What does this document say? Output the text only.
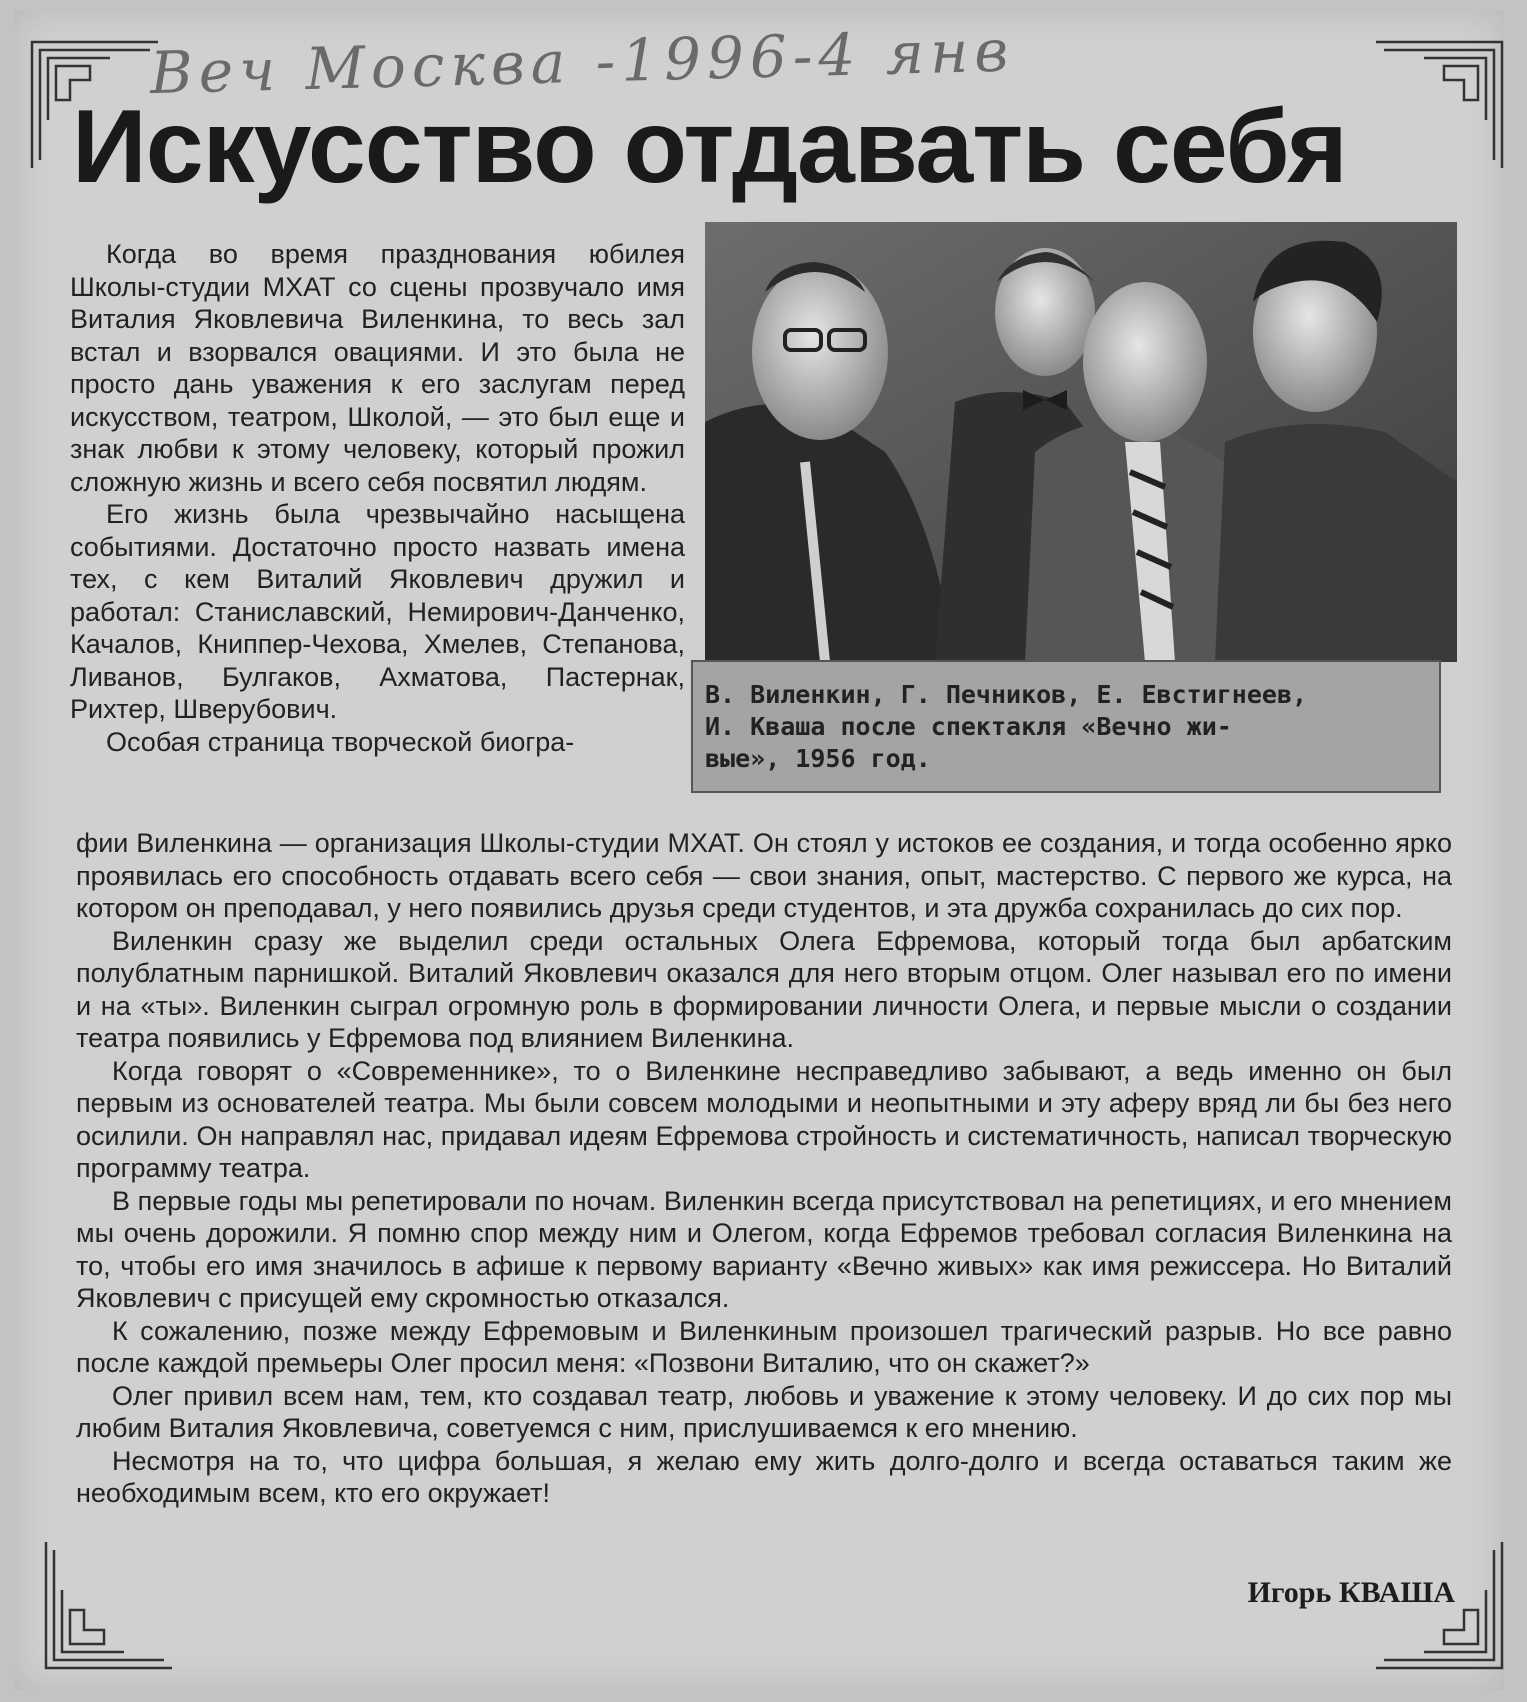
Веч Москва -1996-4 янв
Искусство отдавать себя
В. Виленкин, Г. Печников, Е. Евстигнеев,
И. Кваша после спектакля «Вечно жи-
вые», 1956 год.

Когда во время празднования юбилея Школы-студии МХАТ со сцены прозвучало имя Виталия Яковлевича Виленкина, то весь зал встал и взорвался овациями. И это была не просто дань уважения к его заслугам перед искусством, театром, Школой, — это был еще и знак любви к этому человеку, который прожил сложную жизнь и всего себя посвятил людям.

Его жизнь была чрезвычайно насыщена событиями. Достаточно просто назвать имена тех, с кем Виталий Яковлевич дружил и работал: Станиславский, Немирович-Данченко, Качалов, Книппер-Чехова, Хмелев, Степанова, Ливанов, Булгаков, Ахматова, Пастернак, Рихтер, Шверубович.

Особая страница творческой биогра-

фии Виленкина — организация Школы-студии МХАТ. Он стоял у истоков ее создания, и тогда особенно ярко проявилась его способность отдавать всего себя — свои знания, опыт, мастерство. С первого же курса, на котором он преподавал, у него появились друзья среди студентов, и эта дружба сохранилась до сих пор.

Виленкин сразу же выделил среди остальных Олега Ефремова, который тогда был арбатским полублатным парнишкой. Виталий Яковлевич оказался для него вторым отцом. Олег называл его по имени и на «ты». Виленкин сыграл огромную роль в формировании личности Олега, и первые мысли о создании театра появились у Ефремова под влиянием Виленкина.

Когда говорят о «Современнике», то о Виленкине несправедливо забывают, а ведь именно он был первым из основателей театра. Мы были совсем молодыми и неопытными и эту аферу вряд ли бы без него осилили. Он направлял нас, придавал идеям Ефремова стройность и систематичность, написал творческую программу театра.

В первые годы мы репетировали по ночам. Виленкин всегда присутствовал на репетициях, и его мнением мы очень дорожили. Я помню спор между ним и Олегом, когда Ефремов требовал согласия Виленкина на то, чтобы его имя значилось в афише к первому варианту «Вечно живых» как имя режиссера. Но Виталий Яковлевич с присущей ему скромностью отказался.

К сожалению, позже между Ефремовым и Виленкиным произошел трагический разрыв. Но все равно после каждой премьеры Олег просил меня: «Позвони Виталию, что он скажет?»

Олег привил всем нам, тем, кто создавал театр, любовь и уважение к этому человеку. И до сих пор мы любим Виталия Яковлевича, советуемся с ним, прислушиваемся к его мнению.

Несмотря на то, что цифра большая, я желаю ему жить долго-долго и всегда оставаться таким же необходимым всем, кто его окружает!

Игорь КВАША
